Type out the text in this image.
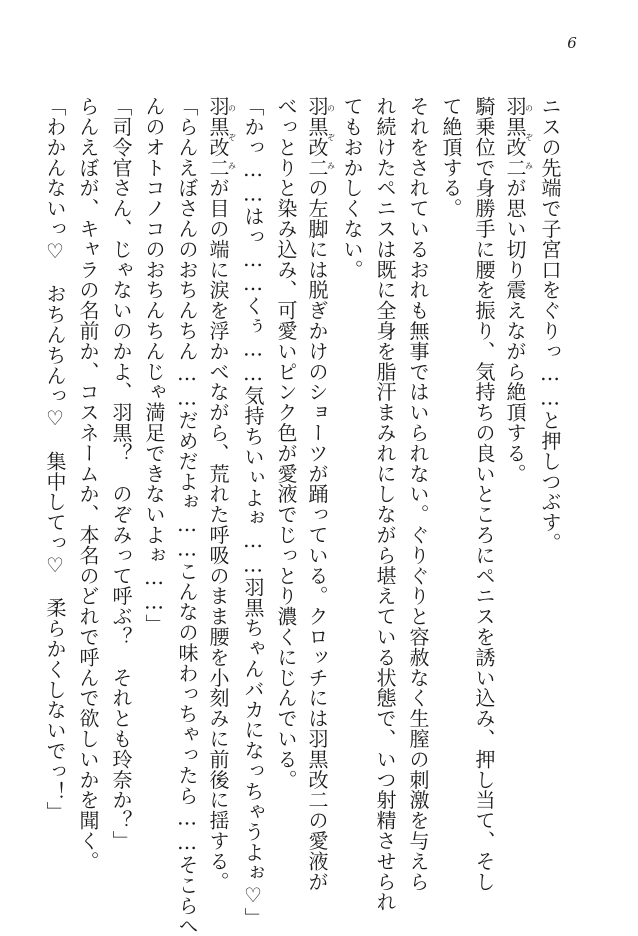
6
ニスの先端で子宮口をぐりっ……と押しつぶす。
羽黒改二のぞみが思い切り震えながら絶頂する。
騎乗位で身勝手に腰を振り、気持ちの良いところにペニスを誘い込み、押し当て、そし
て絶頂する。
それをされているおれも無事ではいられない。ぐりぐりと容赦なく生膣の刺激を与えら
れ続けたペニスは既に全身を脂汗まみれにしながら堪えている状態で、いつ射精させられ
てもおかしくない。
羽黒改二のぞみの左脚には脱ぎかけのショーツが踊っている。クロッチには羽黒改二の愛液が
べっとりと染み込み、可愛いピンク色が愛液でじっとり濃くにじんでいる。
「かっ……はっ……くぅ……気持ちいぃよぉ……羽黒ちゃんバカになっちゃうよぉ♡」
羽黒改二のぞみが目の端に涙を浮かべながら、荒れた呼吸のまま腰を小刻みに前後に揺する。
「らんえぼさんのおちんちん……だめだよぉ……こんなの味わっちゃったら……そこらへ
んのオトコノコのおちんちんじゃ満足できないよぉ……」
「司令官さん、じゃないのかよ、羽黒？　のぞみって呼ぶ？　それとも玲奈か？」
らんえぼが、キャラの名前か、コスネームか、本名のどれで呼んで欲しいかを聞く。
「わかんないっ♡　おちんちんっ♡　集中してっ♡　柔らかくしないでっ！」
